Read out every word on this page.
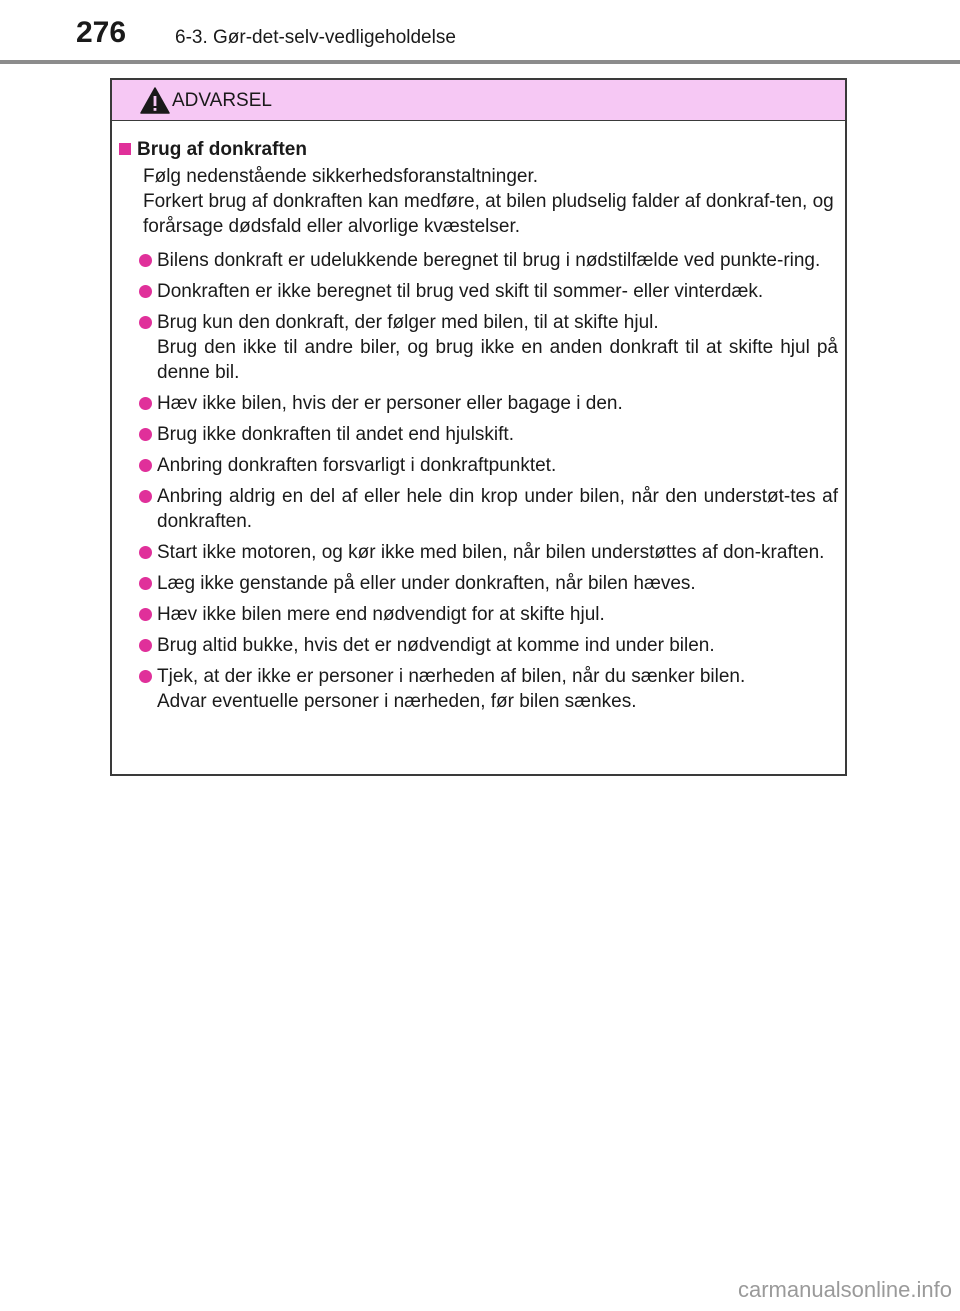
276	6-3. Gør-det-selv-vedligeholdelse
ADVARSEL
Brug af donkraften

Følg nedenstående sikkerhedsforanstaltninger.

Forkert brug af donkraften kan medføre, at bilen pludselig falder af donkraf-ten, og forårsage dødsfald eller alvorlige kvæstelser.

Bilens donkraft er udelukkende beregnet til brug i nødstilfælde ved punkte-ring.
Donkraften er ikke beregnet til brug ved skift til sommer- eller vinterdæk.
Brug kun den donkraft, der følger med bilen, til at skifte hjul.
Brug den ikke til andre biler, og brug ikke en anden donkraft til at skifte hjul på denne bil.
Hæv ikke bilen, hvis der er personer eller bagage i den.
Brug ikke donkraften til andet end hjulskift.
Anbring donkraften forsvarligt i donkraftpunktet.
Anbring aldrig en del af eller hele din krop under bilen, når den understøt-tes af donkraften.
Start ikke motoren, og kør ikke med bilen, når bilen understøttes af don-kraften.
Læg ikke genstande på eller under donkraften, når bilen hæves.
Hæv ikke bilen mere end nødvendigt for at skifte hjul.
Brug altid bukke, hvis det er nødvendigt at komme ind under bilen.
Tjek, at der ikke er personer i nærheden af bilen, når du sænker bilen.
Advar eventuelle personer i nærheden, før bilen sænkes.
carmanualsonline.info
